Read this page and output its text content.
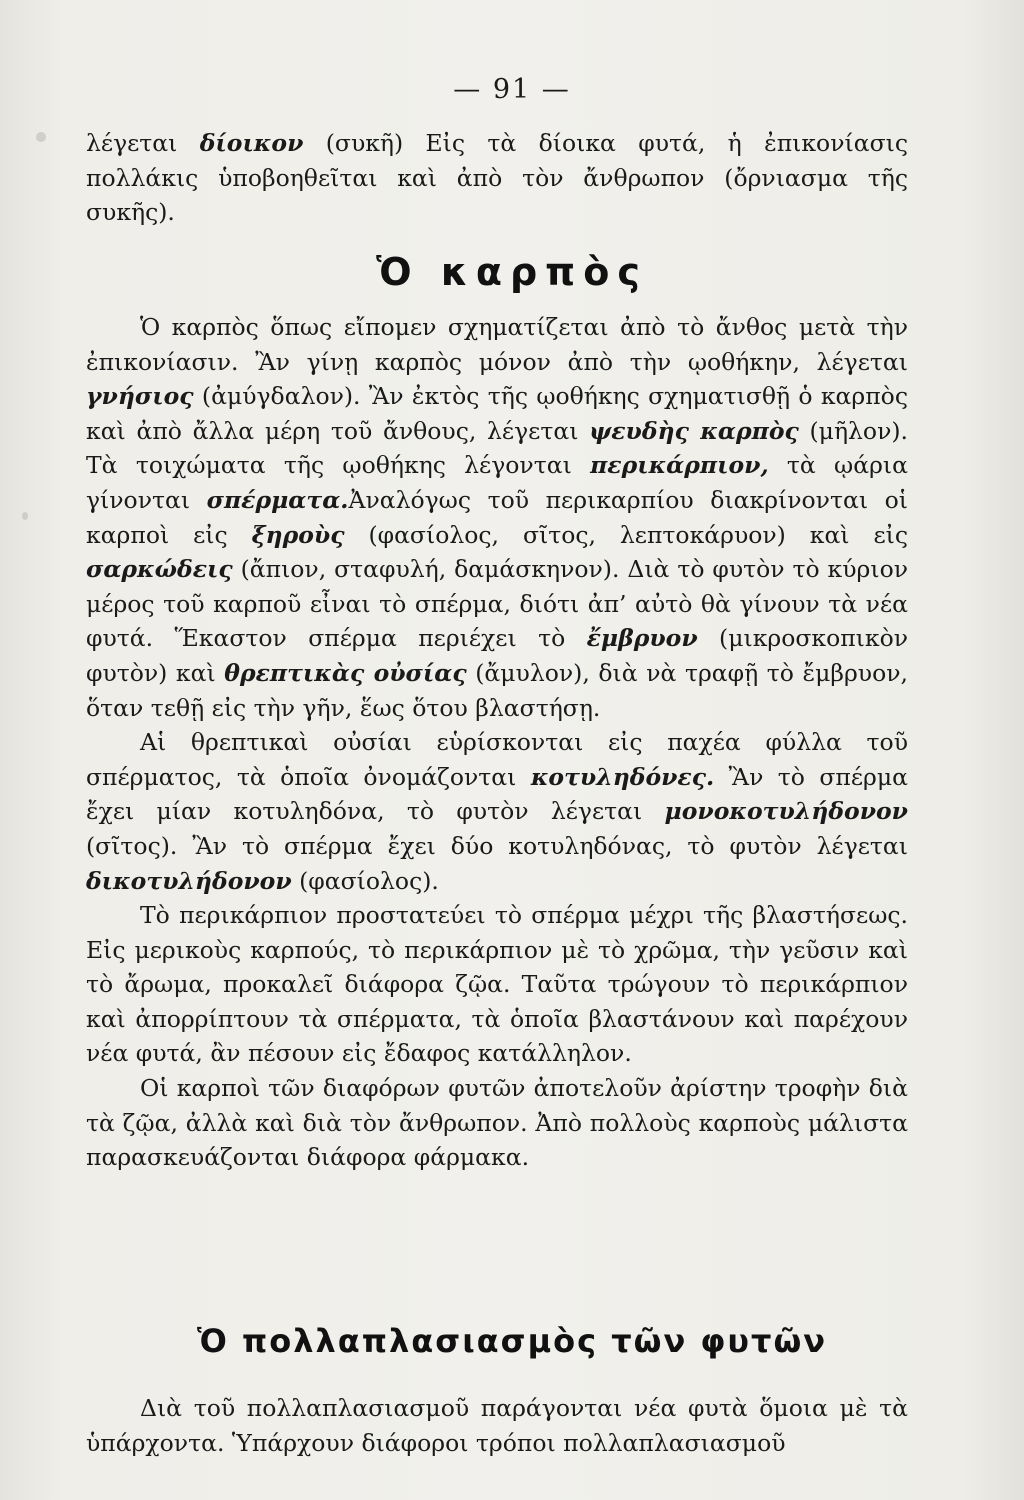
— 91 —

λέγεται δίοικον (συκῆ) Εἰς τὰ δίοικα φυτά, ἡ ἐπικονίασις πολλάκις ὑποβοηθεῖται καὶ ἀπὸ τὸν ἄνθρωπον (ὄρνιασμα τῆς συκῆς).

Ὁ καρπὸς

Ὁ καρπὸς ὅπως εἴπομεν σχηματίζεται ἀπὸ τὸ ἄνθος μετὰ τὴν ἐπικονίασιν. Ἂν γίνῃ καρπὸς μόνον ἀπὸ τὴν ῳοθήκην, λέγεται γνήσιος (ἀμύγδαλον). Ἂν ἐκτὸς τῆς ῳοθήκης σχηματισθῇ ὁ καρπὸς καὶ ἀπὸ ἄλλα μέρη τοῦ ἄνθους, λέγεται ψευδὴς καρπὸς (μῆλον). Τὰ τοιχώματα τῆς ῳοθήκης λέγονται περικάρπιον, τὰ ῳάρια γίνονται σπέρματα.Ἀναλόγως τοῦ περικαρπίου διακρίνονται οἱ καρποὶ εἰς ξηροὺς (φασίολος, σῖτος, λεπτοκάρυον) καὶ εἰς σαρκώδεις (ἄπιον, σταφυλή, δαμάσκηνον). Διὰ τὸ φυτὸν τὸ κύριον μέρος τοῦ καρποῦ εἶναι τὸ σπέρμα, διότι ἀπ’ αὐτὸ θὰ γίνουν τὰ νέα φυτά. Ἕκαστον σπέρμα περιέχει τὸ ἔμβρυον (μικροσκοπικὸν φυτὸν) καὶ θρεπτικὰς οὐσίας (ἄμυλον), διὰ νὰ τραφῇ τὸ ἔμβρυον, ὅταν τεθῇ εἰς τὴν γῆν, ἕως ὅτου βλαστήσῃ.

Αἱ θρεπτικαὶ οὐσίαι εὑρίσκονται εἰς παχέα φύλλα τοῦ σπέρματος, τὰ ὁποῖα ὀνομάζονται κοτυληδόνες. Ἂν τὸ σπέρμα ἔχει μίαν κοτυληδόνα, τὸ φυτὸν λέγεται μονοκοτυλήδονον (σῖτος). Ἂν τὸ σπέρμα ἔχει δύο κοτυληδόνας, τὸ φυτὸν λέγεται δικοτυλήδονον (φασίολος).

Τὸ περικάρπιον προστατεύει τὸ σπέρμα μέχρι τῆς βλαστήσεως. Εἰς μερικοὺς καρπούς, τὸ περικάρπιον μὲ τὸ χρῶμα, τὴν γεῦσιν καὶ τὸ ἄρωμα, προκαλεῖ διάφορα ζῷα. Ταῦτα τρώγουν τὸ περικάρπιον καὶ ἀπορρίπτουν τὰ σπέρματα, τὰ ὁποῖα βλαστάνουν καὶ παρέχουν νέα φυτά, ἂν πέσουν εἰς ἔδαφος κατάλληλον.

Οἱ καρποὶ τῶν διαφόρων φυτῶν ἀποτελοῦν ἀρίστην τροφὴν διὰ τὰ ζῷα, ἀλλὰ καὶ διὰ τὸν ἄνθρωπον. Ἀπὸ πολλοὺς καρποὺς μάλιστα παρασκευάζονται διάφορα φάρμακα.

Ὁ πολλαπλασιασμὸς τῶν φυτῶν

Διὰ τοῦ πολλαπλασιασμοῦ παράγονται νέα φυτὰ ὅμοια μὲ τὰ ὑπάρχοντα. Ὑπάρχουν διάφοροι τρόποι πολλαπλασιασμοῦ
